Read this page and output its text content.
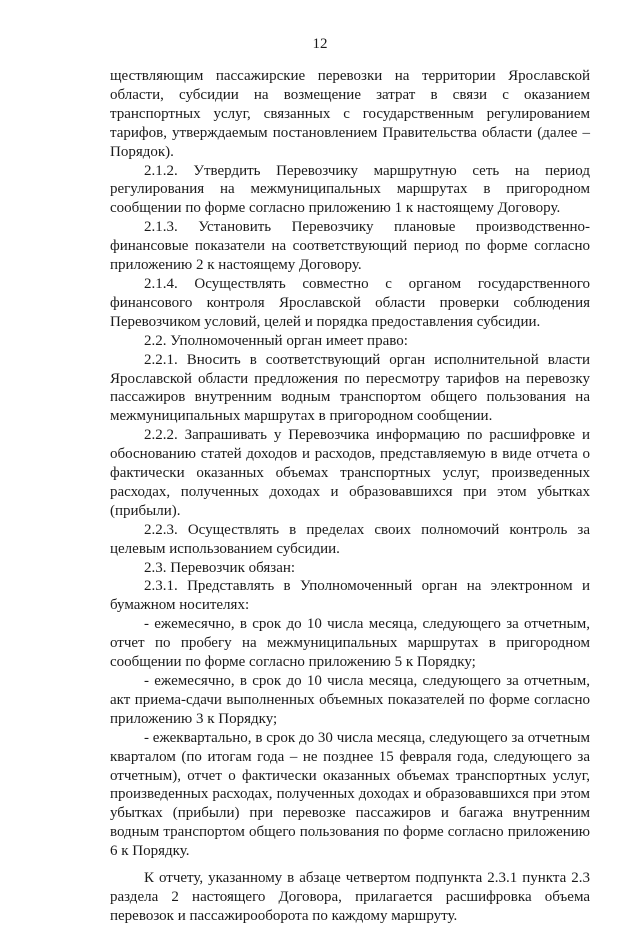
12

ществляющим пассажирские перевозки на территории Ярославской области, субсидии на возмещение затрат в связи с оказанием транспортных услуг, связанных с государственным регулированием тарифов, утверждаемым постановлением Правительства области (далее – Порядок).

2.1.2. Утвердить Перевозчику маршрутную сеть на период регулирования на межмуниципальных маршрутах в пригородном сообщении по форме согласно приложению 1 к настоящему Договору.

2.1.3. Установить Перевозчику плановые производственно-финансовые показатели на соответствующий период по форме согласно приложению 2 к настоящему Договору.

2.1.4. Осуществлять совместно с органом государственного финансового контроля Ярославской области проверки соблюдения Перевозчиком условий, целей и порядка предоставления субсидии.

2.2. Уполномоченный орган имеет право:

2.2.1. Вносить в соответствующий орган исполнительной власти Ярославской области предложения по пересмотру тарифов на перевозку пассажиров внутренним водным транспортом общего пользования на межмуниципальных маршрутах в пригородном сообщении.

2.2.2. Запрашивать у Перевозчика информацию по расшифровке и обоснованию статей доходов и расходов, представляемую в виде отчета о фактически оказанных объемах транспортных услуг, произведенных расходах, полученных доходах и образовавшихся при этом убытках (прибыли).

2.2.3. Осуществлять в пределах своих полномочий контроль за целевым использованием субсидии.

2.3. Перевозчик обязан:

2.3.1. Представлять в Уполномоченный орган на электронном и бумажном носителях:

- ежемесячно, в срок до 10 числа месяца, следующего за отчетным, отчет по пробегу на межмуниципальных маршрутах в пригородном сообщении по форме согласно приложению 5 к Порядку;

- ежемесячно, в срок до 10 числа месяца, следующего за отчетным, акт приема-сдачи выполненных объемных показателей по форме согласно приложению 3 к Порядку;

- ежеквартально, в срок до 30 числа месяца, следующего за отчетным кварталом (по итогам года – не позднее 15 февраля года, следующего за отчетным), отчет о фактически оказанных объемах транспортных услуг, произведенных расходах, полученных доходах и образовавшихся при этом убытках (прибыли) при перевозке пассажиров и багажа внутренним водным транспортом общего пользования по форме согласно приложению 6 к Порядку.

К отчету, указанному в абзаце четвертом подпункта 2.3.1 пункта 2.3 раздела 2 настоящего Договора, прилагается расшифровка объема перевозок и пассажирооборота по каждому маршруту.
